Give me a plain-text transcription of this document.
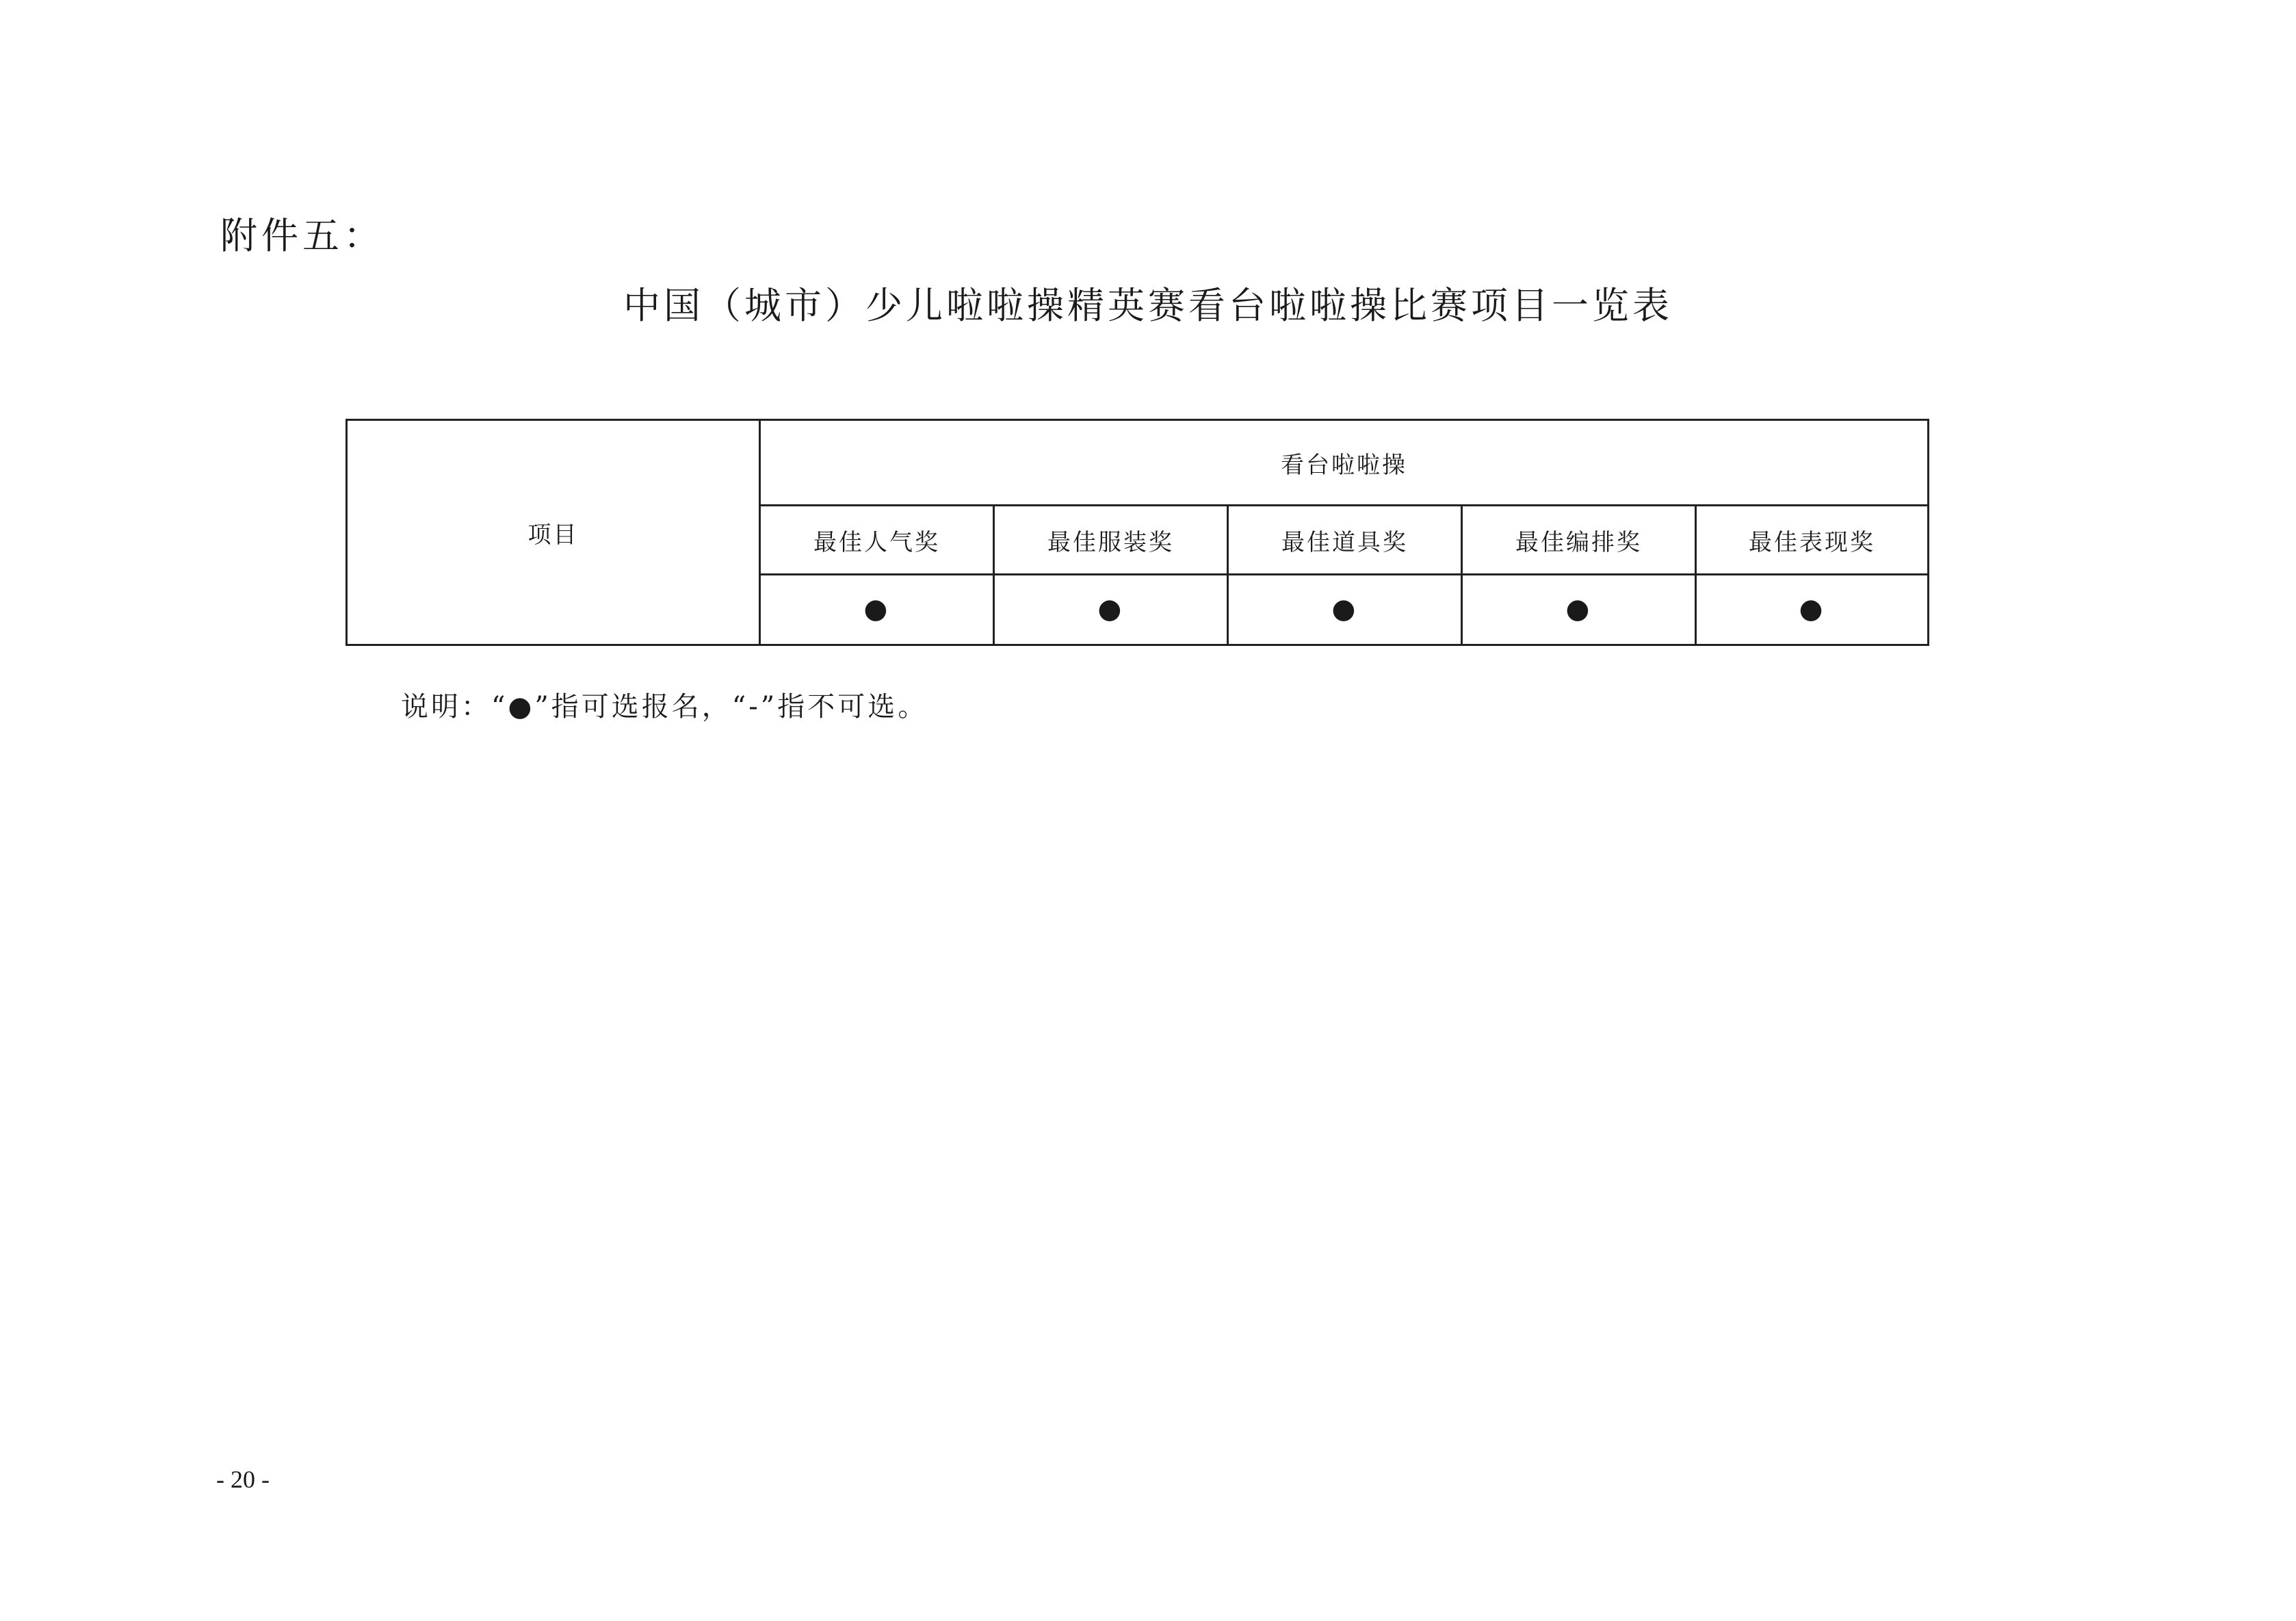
附件五：
中国（城市）少儿啦啦操精英赛看台啦啦操比赛项目一览表
项目	看台啦啦操				
	最佳人气奖	最佳服装奖	最佳道具奖	最佳编排奖	最佳表现奖
	●	●	●	●	●
说明：“●”指可选报名，“-”指不可选。
- 20 -
